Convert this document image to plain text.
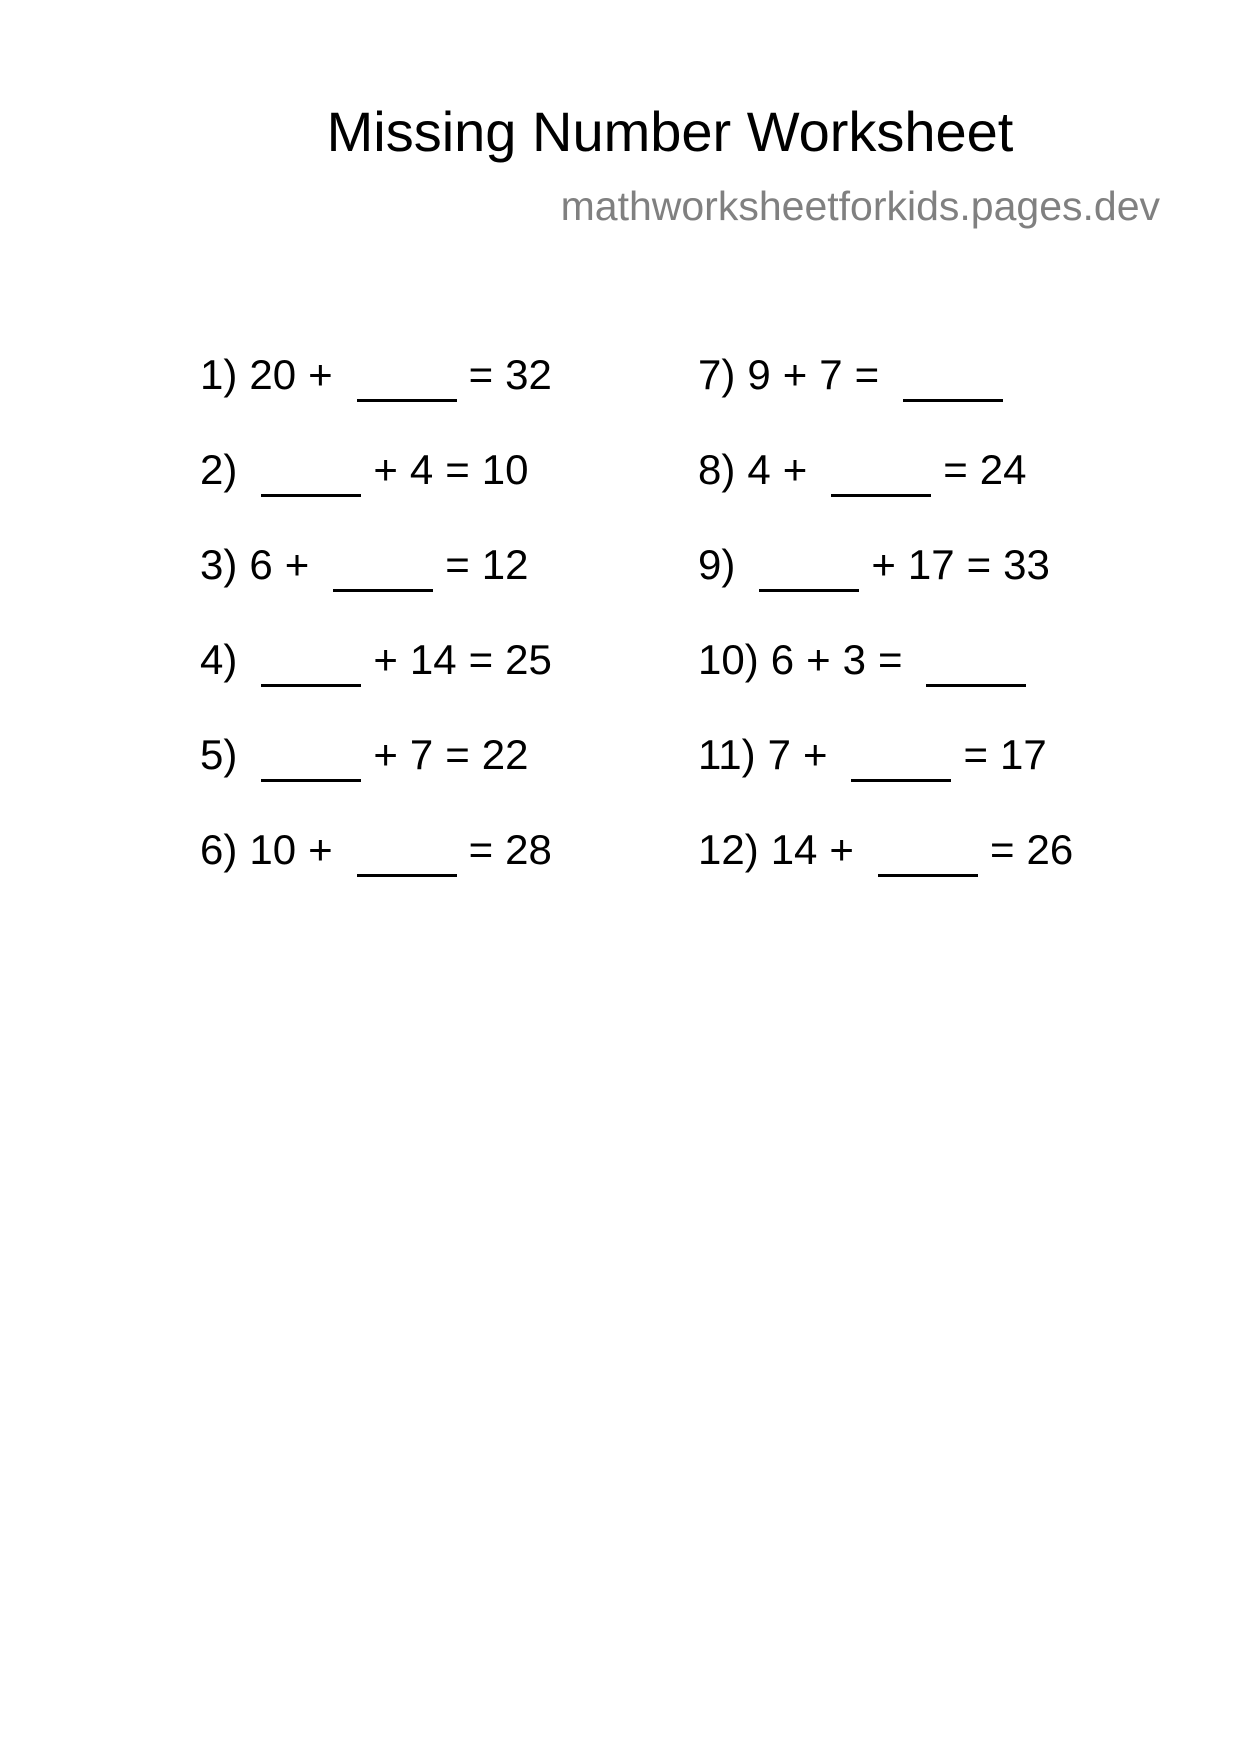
Missing Number Worksheet
mathworksheetforkids.pages.dev
1) 20 +	= 32
2)	+ 4 = 10
3) 6 +	= 12
4)	+ 14 = 25
5)	+ 7 = 22
6) 10 +	= 28
7) 9 + 7 =
8) 4 +	= 24
9)	+ 17 = 33
10) 6 + 3 =
11) 7 +	= 17
12) 14 +	= 26
